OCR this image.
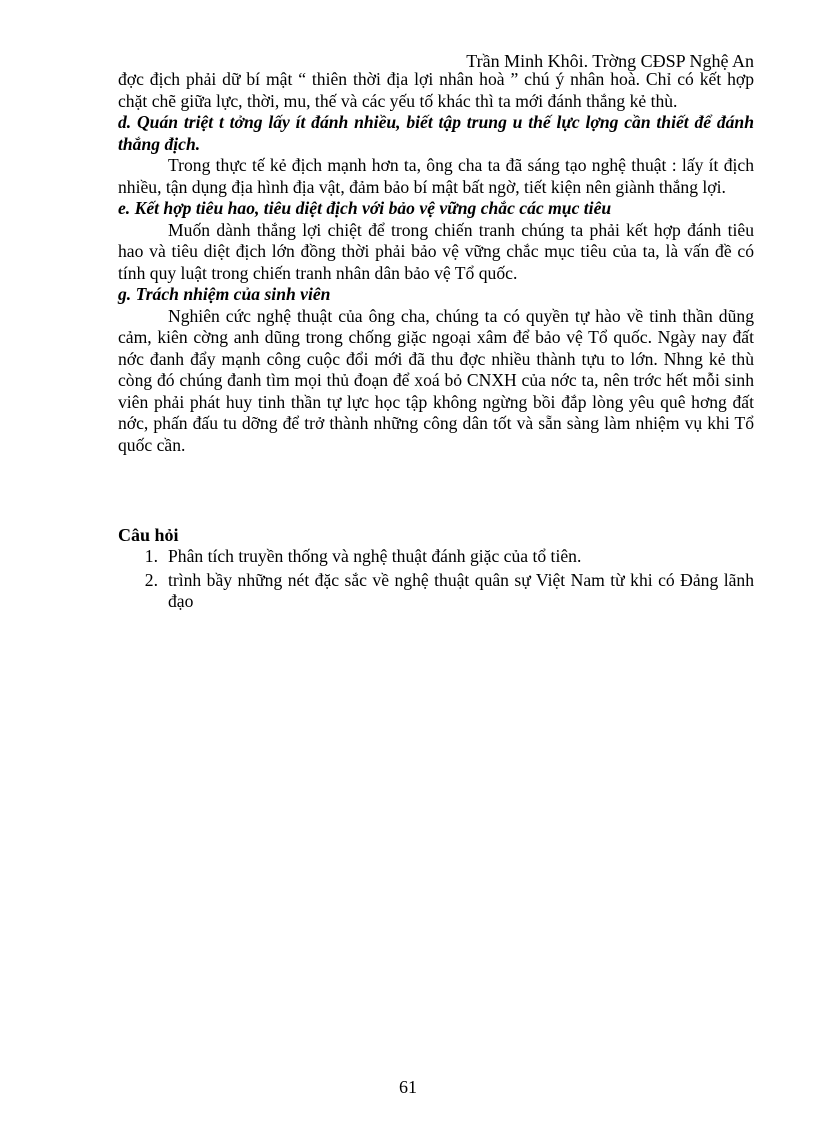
Trần Minh Khôi. Trờng CĐSP Nghệ An

đợc địch phải dữ bí mật “ thiên thời địa lợi nhân hoà ” chú ý nhân hoà. Chỉ có kết hợp chặt chẽ giữa lực, thời, mu, thế và các yếu tố khác thì ta mới đánh thắng kẻ thù.

d. Quán triệt t tởng lấy ít đánh nhiều, biết tập trung u thế lực lợng cần thiết để đánh thắng địch.

Trong thực tế kẻ địch mạnh hơn ta, ông cha ta đã sáng tạo nghệ thuật : lấy ít địch nhiều, tận dụng địa hình địa vật, đảm bảo bí mật bất ngờ, tiết kiện nên giành thắng lợi.

e. Kết hợp tiêu hao, tiêu diệt địch với bảo vệ vững chắc các mục tiêu

Muốn dành thắng lợi chiệt để trong chiến tranh chúng ta phải kết hợp đánh tiêu hao và tiêu diệt địch lớn đồng thời phải bảo vệ vững chắc mục tiêu của ta, là vấn đề có tính quy luật trong chiến tranh nhân dân bảo vệ Tổ quốc.

g. Trách nhiệm của sinh viên

Nghiên cức nghệ thuật của ông cha, chúng ta có quyền tự hào về tinh thần dũng cảm, kiên cờng anh dũng trong chống giặc ngoại xâm để bảo vệ Tổ quốc. Ngày nay đất nớc đanh đẩy mạnh công cuộc đổi mới đã thu đợc nhiều thành tựu to lớn. Nhng kẻ thù còng đó chúng đanh tìm mọi thủ đoạn để xoá bỏ CNXH của nớc ta, nên trớc hết mỗi sinh viên phải phát huy tinh thần tự lực học tập không ngừng bồi đắp lòng yêu quê hơng đất nớc, phấn đấu tu dỡng để trở thành những công dân tốt và sẵn sàng làm nhiệm vụ khi Tổ quốc cần.

Câu hỏi
1. Phân tích truyền thống và nghệ thuật đánh giặc của tổ tiên.
2. trình bầy những nét đặc sắc về nghệ thuật quân sự Việt Nam từ khi có Đảng lãnh đạo
61
